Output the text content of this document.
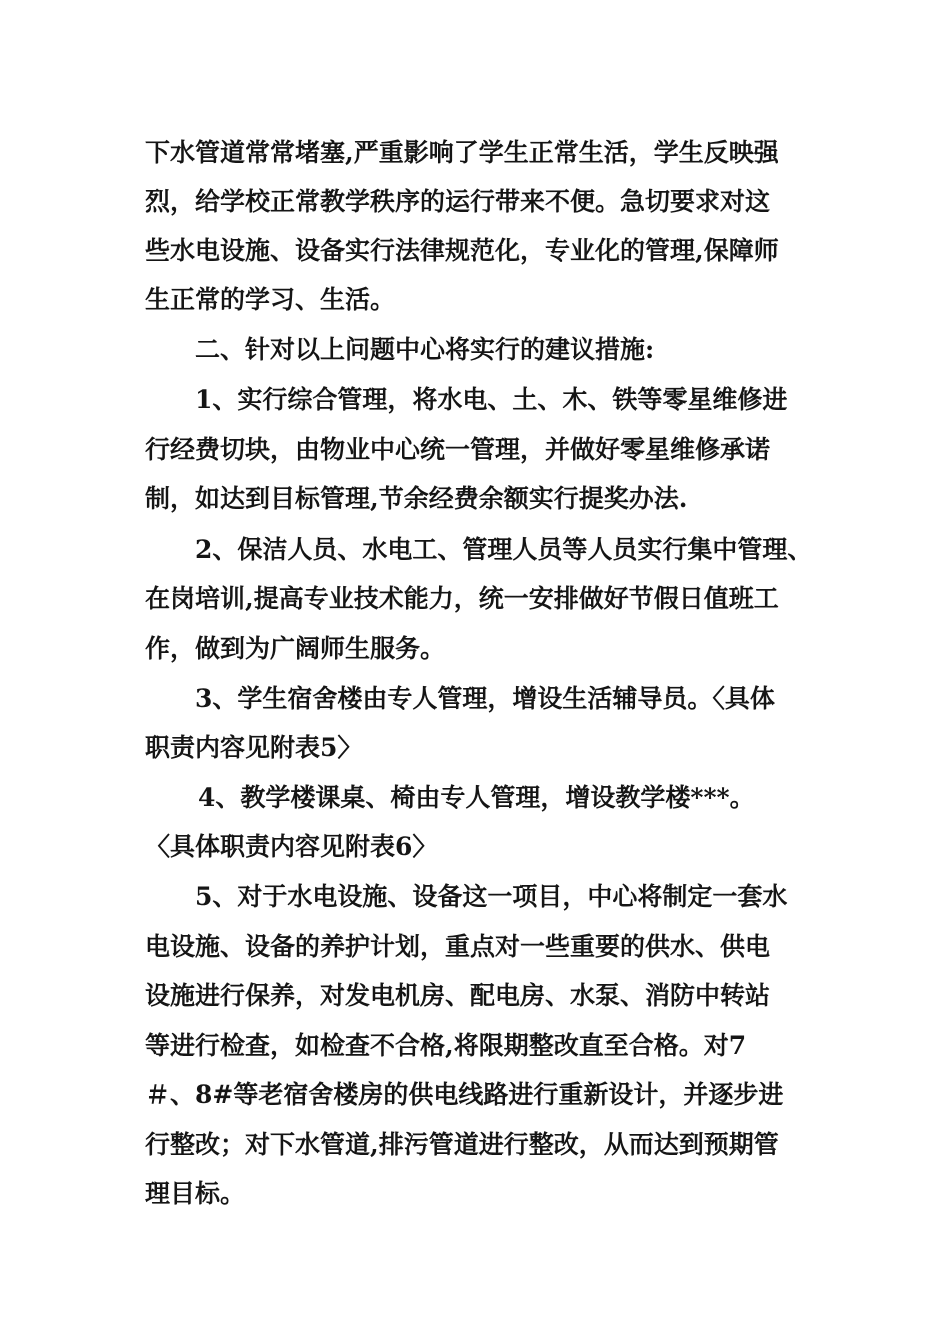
下水管道常常堵塞,严重影响了学生正常生活，学生反映强
烈，给学校正常教学秩序的运行带来不便。急切要求对这
些水电设施、设备实行法律规范化，专业化的管理,保障师
生正常的学习、生活。
二、针对以上问题中心将实行的建议措施:
1、实行综合管理，将水电、土、木、铁等零星维修进
行经费切块，由物业中心统一管理，并做好零星维修承诺
制，如达到目标管理,节余经费余额实行提奖办法.
2、保洁人员、水电工、管理人员等人员实行集中管理、
在岗培训,提高专业技术能力，统一安排做好节假日值班工
作，做到为广阔师生服务。
3、学生宿舍楼由专人管理，增设生活辅导员。〈具体
职责内容见附表5〉
4、教学楼课桌、椅由专人管理，增设教学楼***。
〈具体职责内容见附表6〉
5、对于水电设施、设备这一项目，中心将制定一套水
电设施、设备的养护计划，重点对一些重要的供水、供电
设施进行保养，对发电机房、配电房、水泵、消防中转站
等进行检查，如检查不合格,将限期整改直至合格。对7
＃、8#等老宿舍楼房的供电线路进行重新设计，并逐步进
行整改；对下水管道,排污管道进行整改，从而达到预期管
理目标。
